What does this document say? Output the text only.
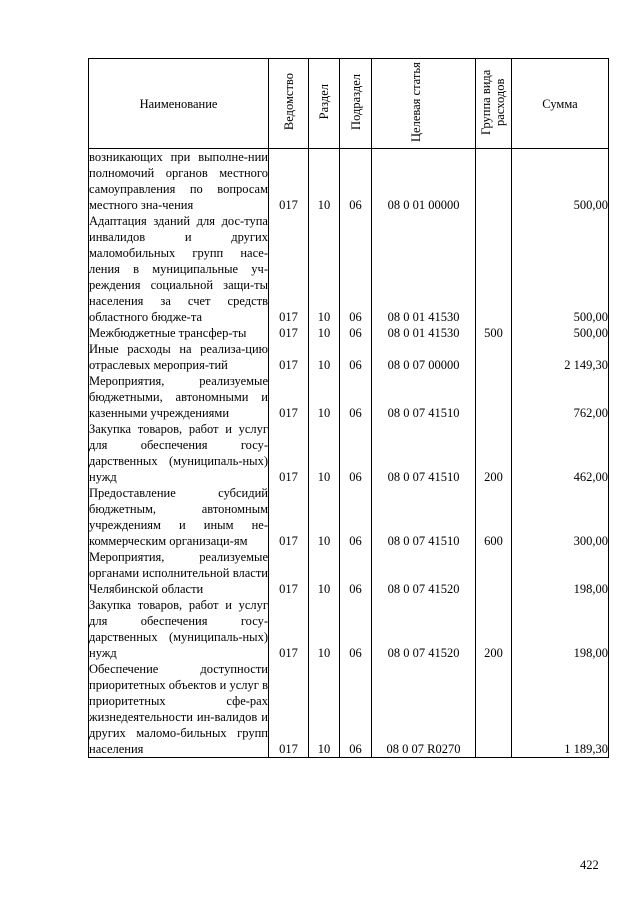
Наименование	Ведомство	Раздел	Подраздел	Целевая статья	Группа вида расходов	Сумма
возникающих при выполне-нии полномочий органов местного самоуправления по вопросам местного зна-чения	017	10	06	08 0 01 00000		500,00
Адаптация зданий для дос-тупа инвалидов и других маломобильных групп насе-ления в муниципальные уч-реждения социальной защи-ты населения за счет средств областного бюдже-та	017	10	06	08 0 01 41530		500,00
Межбюджетные трансфер-ты	017	10	06	08 0 01 41530	500	500,00
Иные расходы на реализа-цию отраслевых мероприя-тий	017	10	06	08 0 07 00000		2 149,30
Мероприятия, реализуемые бюджетными, автономными и казенными учреждениями	017	10	06	08 0 07 41510		762,00
Закупка товаров, работ и услуг для обеспечения госу-дарственных (муниципаль-ных) нужд	017	10	06	08 0 07 41510	200	462,00
Предоставление субсидий бюджетным, автономным учреждениям и иным не-коммерческим организаци-ям	017	10	06	08 0 07 41510	600	300,00
Мероприятия, реализуемые органами исполнительной власти Челябинской области	017	10	06	08 0 07 41520		198,00
Закупка товаров, работ и услуг для обеспечения госу-дарственных (муниципаль-ных) нужд	017	10	06	08 0 07 41520	200	198,00
Обеспечение доступности приоритетных объектов и услуг в приоритетных сфе-рах жизнедеятельности ин-валидов и других маломо-бильных групп населения	017	10	06	08 0 07 R0270		1 189,30
422
